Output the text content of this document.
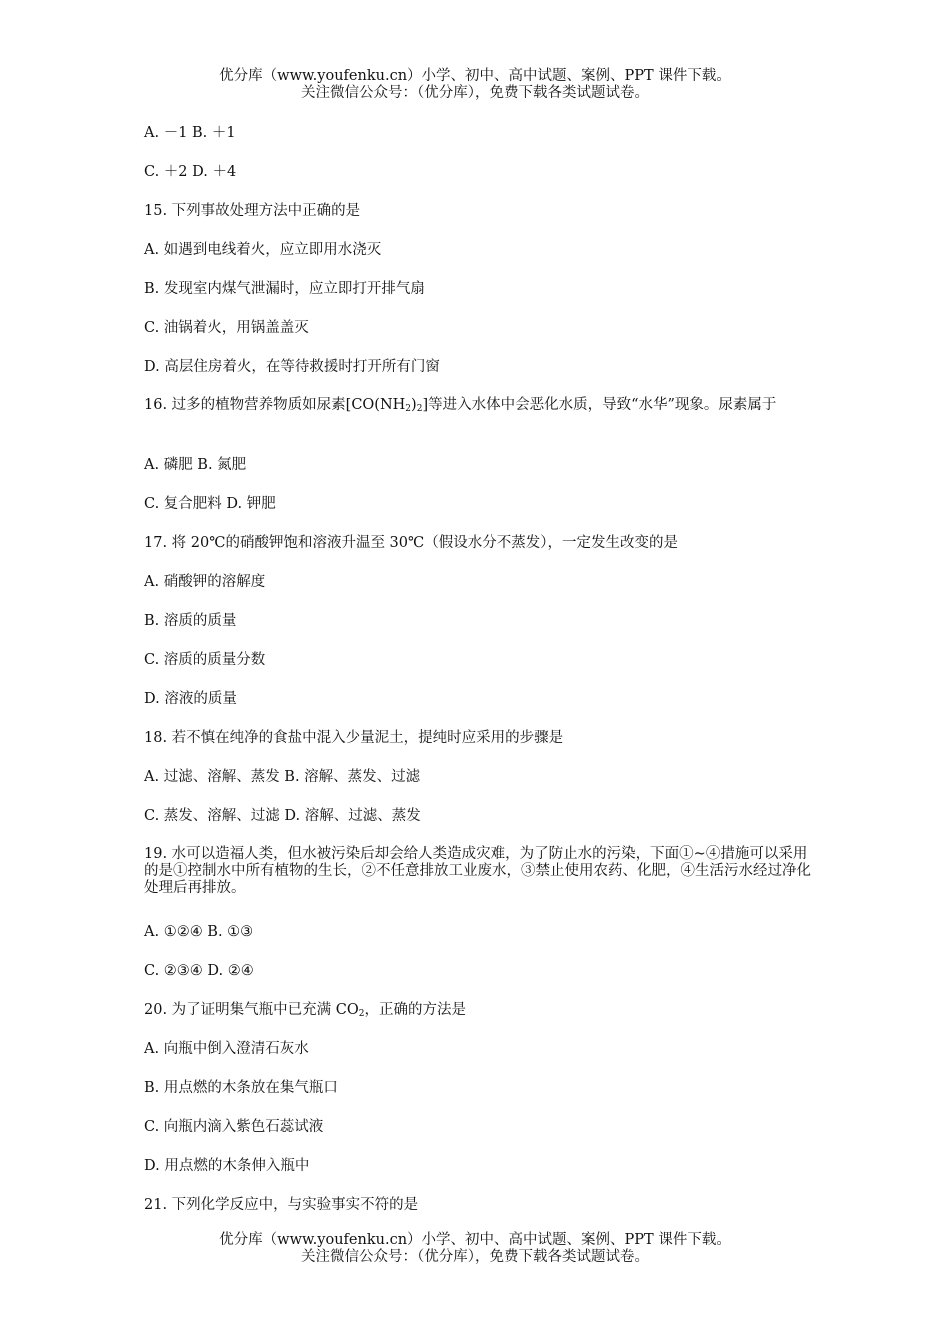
优分库（www.youfenku.cn）小学、初中、高中试题、案例、PPT 课件下载。
关注微信公众号：（优分库），免费下载各类试题试卷。

A. －1 B. ＋1

C. ＋2 D. ＋4

15. 下列事故处理方法中正确的是

A. 如遇到电线着火，应立即用水浇灭

B. 发现室内煤气泄漏时，应立即打开排气扇

C. 油锅着火，用锅盖盖灭

D. 高层住房着火，在等待救援时打开所有门窗

16. 过多的植物营养物质如尿素$[CO(NH_2)_2]$等进入水体中会恶化水质，导致“水华”现象。尿素属于

A. 磷肥 B. 氮肥

C. 复合肥料 D. 钾肥

17. 将 20℃的硝酸钾饱和溶液升温至 30℃（假设水分不蒸发），一定发生改变的是

A. 硝酸钾的溶解度

B. 溶质的质量

C. 溶质的质量分数

D. 溶液的质量

18. 若不慎在纯净的食盐中混入少量泥土，提纯时应采用的步骤是

A. 过滤、溶解、蒸发 B. 溶解、蒸发、过滤

C. 蒸发、溶解、过滤 D. 溶解、过滤、蒸发

19. 水可以造福人类，但水被污染后却会给人类造成灾难，为了防止水的污染，下面①~④措施可以采用的是①控制水中所有植物的生长，②不任意排放工业废水，③禁止使用农药、化肥，④生活污水经过净化处理后再排放。

A. ①②④ B. ①③

C. ②③④ D. ②④

20. 为了证明集气瓶中已充满 $CO_2$，正确的方法是

A. 向瓶中倒入澄清石灰水

B. 用点燃的木条放在集气瓶口

C. 向瓶内滴入紫色石蕊试液

D. 用点燃的木条伸入瓶中

21. 下列化学反应中，与实验事实不符的是

优分库（www.youfenku.cn）小学、初中、高中试题、案例、PPT 课件下载。
关注微信公众号：（优分库），免费下载各类试题试卷。
